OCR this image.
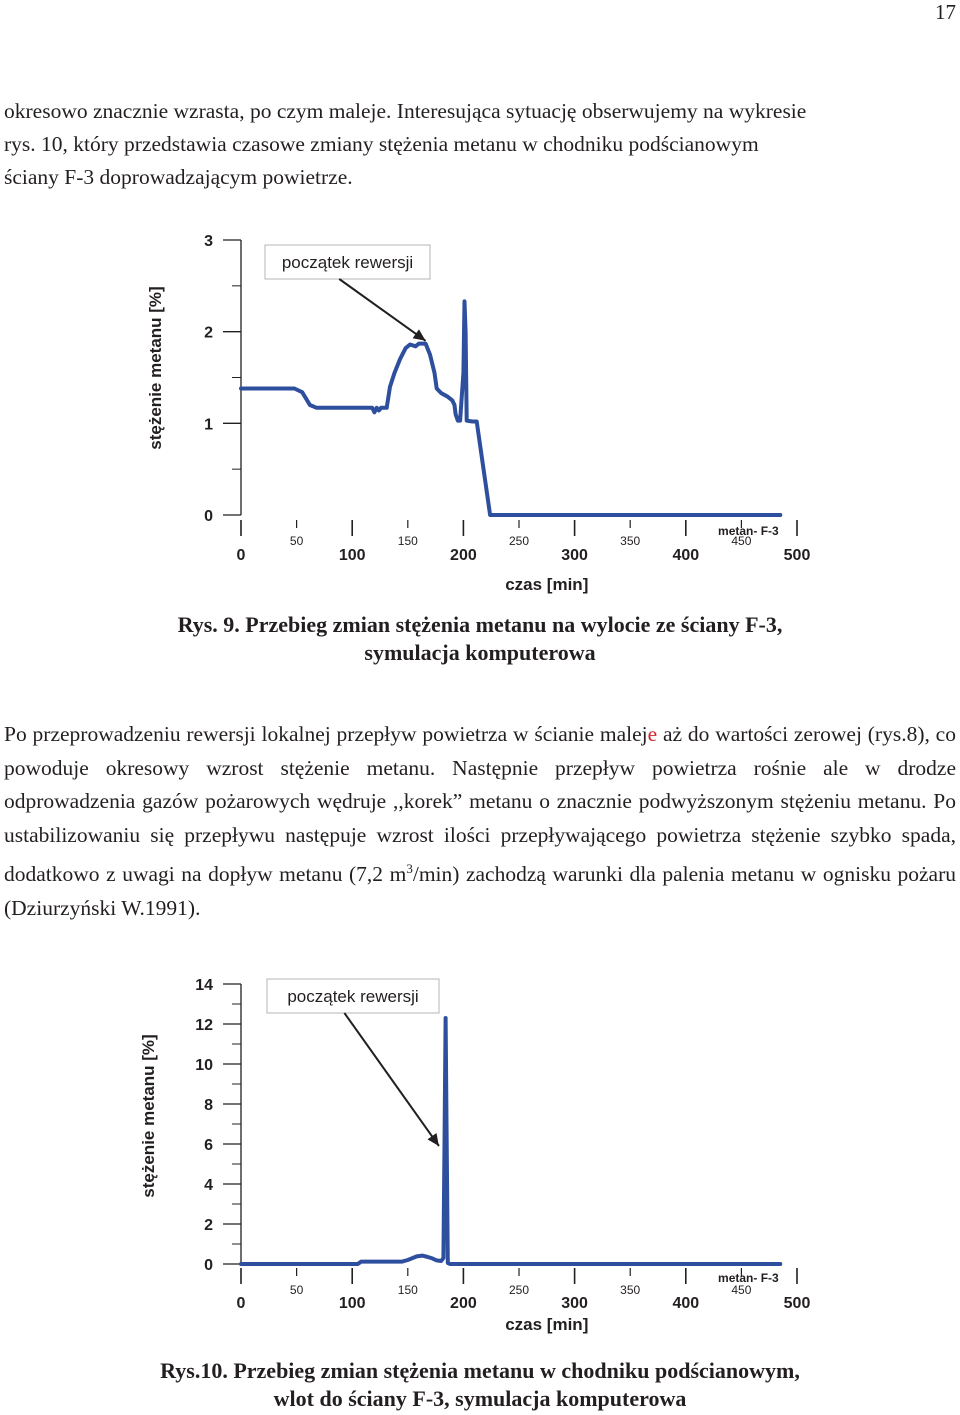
17
okresowo znacznie wzrasta, po czym maleje. Interesująca sytuację obserwujemy na wykresie
rys. 10, który przedstawia czasowe zmiany stężenia metanu w chodniku podścianowym
ściany F-3 doprowadzającym powietrze.
0
1
2
3
stężenie metanu [%]
0	100	200	300	400	500
50	150	250	350	450
czas [min]
metan- F-3
początek rewersji
Rys. 9. Przebieg zmian stężenia metanu na wylocie ze ściany F-3,
symulacja komputerowa

Po przeprowadzeniu rewersji lokalnej przepływ powietrza w ścianie maleje aż do wartości zerowej (rys.8), co powoduje okresowy wzrost stężenie metanu. Następnie przepływ powietrza rośnie ale w drodze odprowadzenia gazów pożarowych wędruje ,,korek” metanu o znacznie podwyższonym stężeniu metanu. Po ustabilizowaniu się przepływu następuje wzrost ilości przepływającego powietrza stężenie szybko spada, dodatkowo z uwagi na dopływ metanu (7,2 $m^3/\min$) zachodzą warunki dla palenia metanu w ognisku pożaru (Dziurzyński W.1991).

0
2
4
6
8
10
12
14
stężenie metanu [%]
0	100	200	300	400	500
50	150	250	350	450
czas [min]
metan- F-3
początek rewersji
Rys.10. Przebieg zmian stężenia metanu w chodniku podścianowym,
wlot do ściany F-3, symulacja komputerowa
